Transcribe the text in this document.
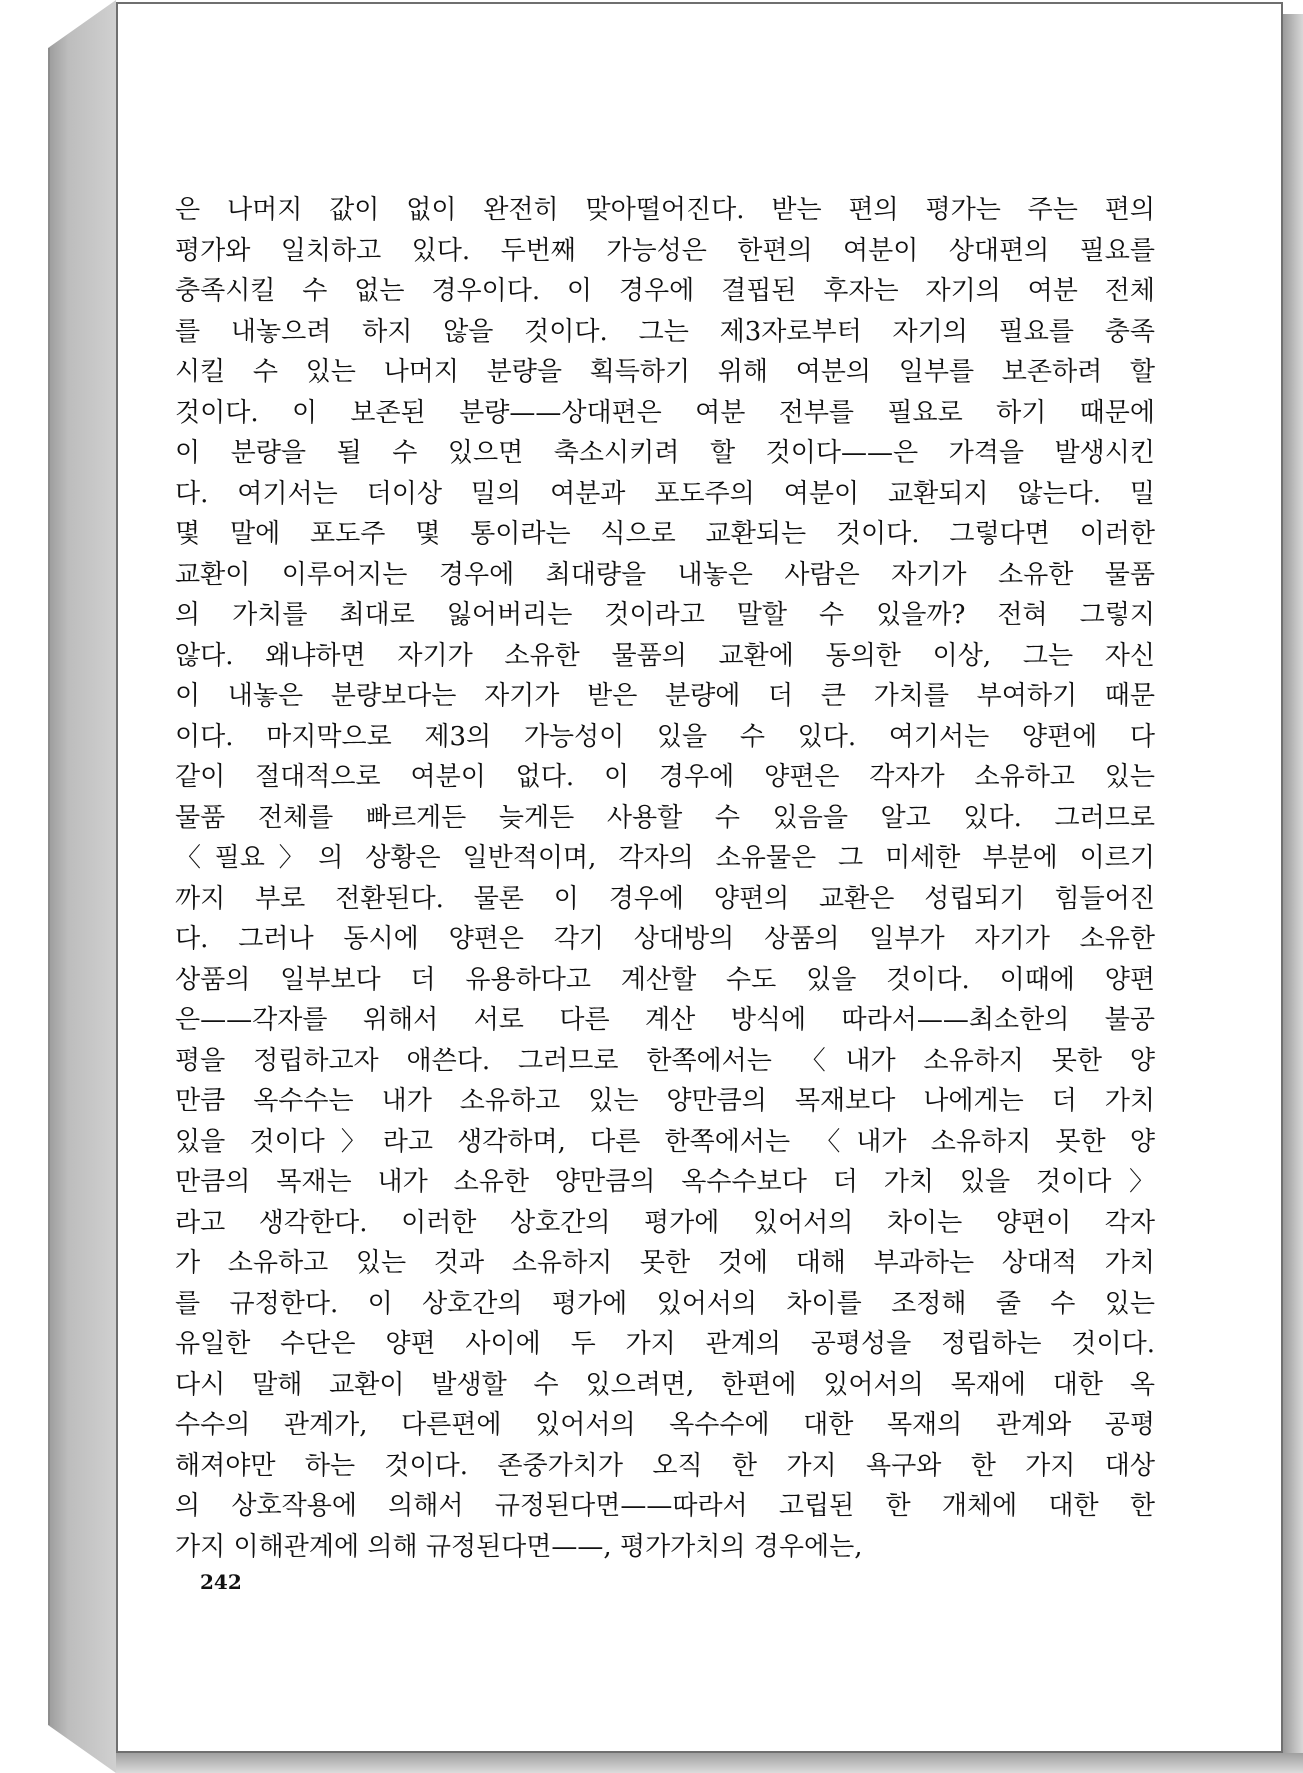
은 나머지 값이 없이 완전히 맞아떨어진다. 받는 편의 평가는 주는 편의
평가와 일치하고 있다. 두번째 가능성은 한편의 여분이 상대편의 필요를
충족시킬 수 없는 경우이다. 이 경우에 결핍된 후자는 자기의 여분 전체
를 내놓으려 하지 않을 것이다. 그는 제3자로부터 자기의 필요를 충족
시킬 수 있는 나머지 분량을 획득하기 위해 여분의 일부를 보존하려 할
것이다. 이 보존된 분량——상대편은 여분 전부를 필요로 하기 때문에
이 분량을 될 수 있으면 축소시키려 할 것이다——은 가격을 발생시킨
다. 여기서는 더이상 밀의 여분과 포도주의 여분이 교환되지 않는다. 밀
몇 말에 포도주 몇 통이라는 식으로 교환되는 것이다. 그렇다면 이러한
교환이 이루어지는 경우에 최대량을 내놓은 사람은 자기가 소유한 물품
의 가치를 최대로 잃어버리는 것이라고 말할 수 있을까? 전혀 그렇지
않다. 왜냐하면 자기가 소유한 물품의 교환에 동의한 이상, 그는 자신
이 내놓은 분량보다는 자기가 받은 분량에 더 큰 가치를 부여하기 때문
이다. 마지막으로 제3의 가능성이 있을 수 있다. 여기서는 양편에 다
같이 절대적으로 여분이 없다. 이 경우에 양편은 각자가 소유하고 있는
물품 전체를 빠르게든 늦게든 사용할 수 있음을 알고 있다. 그러므로
〈필요〉의 상황은 일반적이며, 각자의 소유물은 그 미세한 부분에 이르기
까지 부로 전환된다. 물론 이 경우에 양편의 교환은 성립되기 힘들어진
다. 그러나 동시에 양편은 각기 상대방의 상품의 일부가 자기가 소유한
상품의 일부보다 더 유용하다고 계산할 수도 있을 것이다. 이때에 양편
은——각자를 위해서 서로 다른 계산 방식에 따라서——최소한의 불공
평을 정립하고자 애쓴다. 그러므로 한쪽에서는 〈내가 소유하지 못한 양
만큼 옥수수는 내가 소유하고 있는 양만큼의 목재보다 나에게는 더 가치
있을 것이다〉라고 생각하며, 다른 한쪽에서는 〈내가 소유하지 못한 양
만큼의 목재는 내가 소유한 양만큼의 옥수수보다 더 가치 있을 것이다〉
라고 생각한다. 이러한 상호간의 평가에 있어서의 차이는 양편이 각자
가 소유하고 있는 것과 소유하지 못한 것에 대해 부과하는 상대적 가치
를 규정한다. 이 상호간의 평가에 있어서의 차이를 조정해 줄 수 있는
유일한 수단은 양편 사이에 두 가지 관계의 공평성을 정립하는 것이다.
다시 말해 교환이 발생할 수 있으려면, 한편에 있어서의 목재에 대한 옥
수수의 관계가, 다른편에 있어서의 옥수수에 대한 목재의 관계와 공평
해져야만 하는 것이다. 존중가치가 오직 한 가지 욕구와 한 가지 대상
의 상호작용에 의해서 규정된다면——따라서 고립된 한 개체에 대한 한
가지 이해관계에 의해 규정된다면——, 평가가치의 경우에는,
242
